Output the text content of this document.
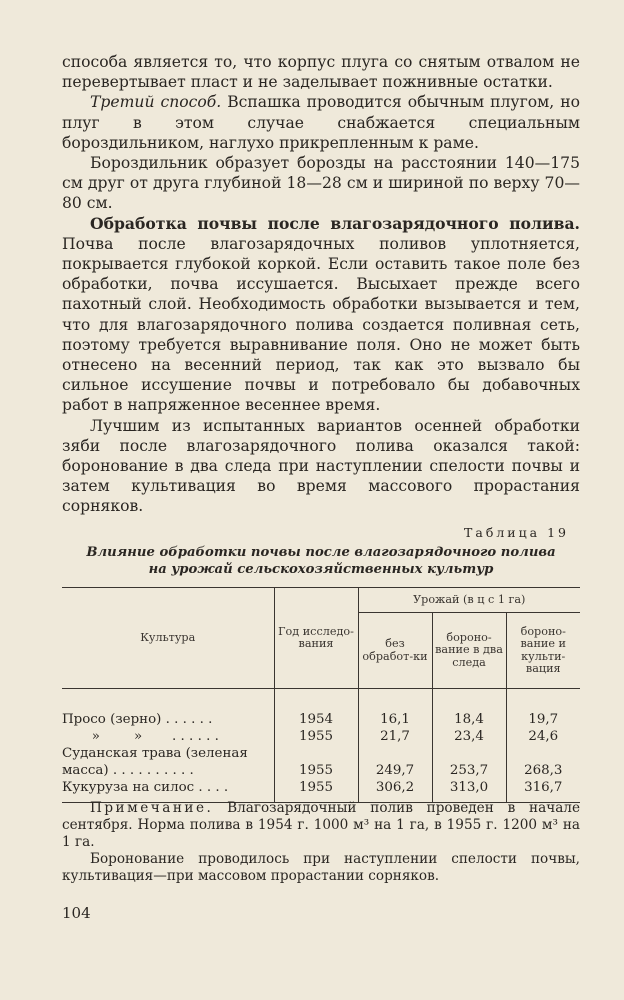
способа является то, что корпус плуга со снятым отвалом не перевертывает пласт и не заделывает пожнивные остатки.

Третий способ. Вспашка проводится обычным плугом, но плуг в этом случае снабжается специальным бороздильником, наглухо прикрепленным к раме.

Бороздильник образует борозды на расстоянии 140—175 см друг от друга глубиной 18—28 см и шириной по верху 70—80 см.

Обработка почвы после влагозарядочного полива. Почва после влагозарядочных поливов уплотняется, покрывается глубокой коркой. Если оставить такое поле без обработки, почва иссушается. Высыхает прежде всего пахотный слой. Необходимость обработки вызывается и тем, что для влагозарядочного полива создается поливная сеть, поэтому требуется выравнивание поля. Оно не может быть отнесено на весенний период, так как это вызвало бы сильное иссушение почвы и потребовало бы добавочных работ в напряженное весеннее время.

Лучшим из испытанных вариантов осенней обработки зяби после влагозарядочного полива оказался такой: боронование в два следа при наступлении спелости почвы и затем культивация во время массового прорастания сорняков.

Таблица 19
Влияние обработки почвы после влагозарядочного полива
на урожай сельскохозяйственных культур
Культура	Год исследо-вания	Урожай (в ц с 1 га)		
		без обработ-ки	бороно-вание в два следа	бороно-вание и культи-вация

Просо (зерно) . . . . . .	1954	16,1	18,4	19,7
»        »       . . . . . .	1955	21,7	23,4	24,6
Суданская трава (зеленая				
масса) . . . . . . . . . .	1955	249,7	253,7	268,3
Кукуруза на силос . . . .	1955	306,2	313,0	316,7

Примечание. Влагозарядочный полив проведен в начале сентября. Норма полива в 1954 г. 1000 м³ на 1 га, в 1955 г. 1200 м³ на 1 га.

Боронование проводилось при наступлении спелости почвы, культивация—при массовом прорастании сорняков.

104
